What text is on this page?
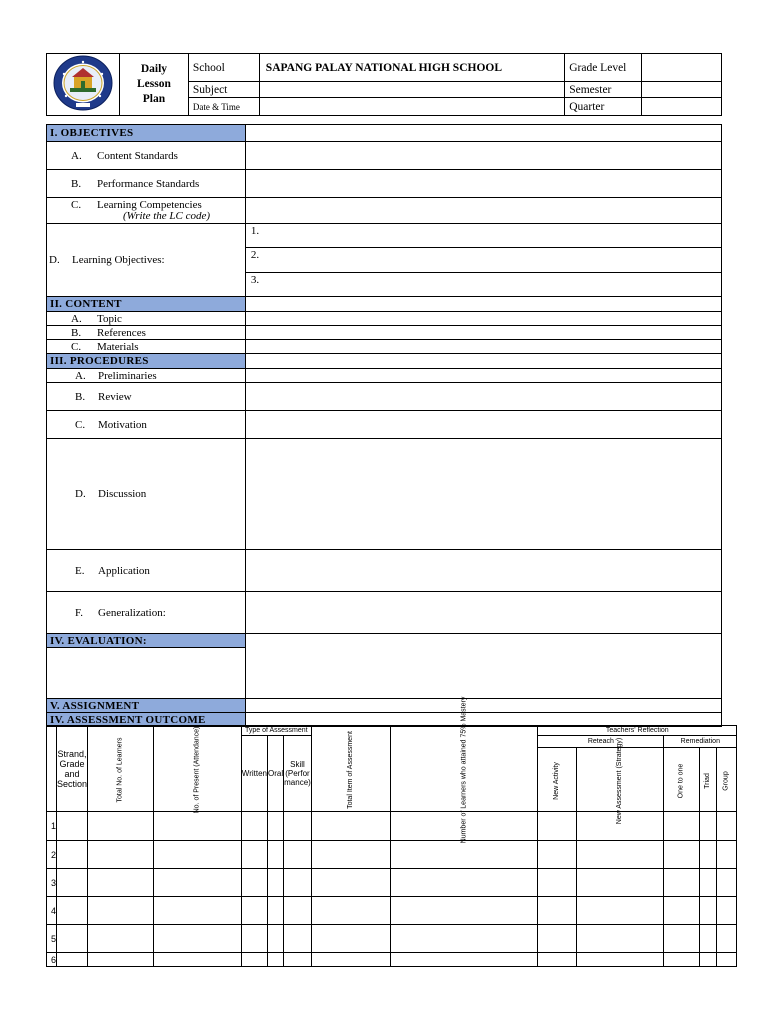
Daily
Lesson
Plan	School	SAPANG PALAY NATIONAL HIGH SCHOOL	Grade Level	
		Subject		Semester	
		Date & Time		Quarter	
I. OBJECTIVES	
A. Content Standards	
B. Performance Standards	
C. Learning Competencies
(Write the LC code)	

D. Learning Objectives:	1.
	2.
	3.
II. CONTENT	
A. Topic	
B. References	
C. Materials	
III. PROCEDURES	
A. Preliminaries	
B. Review	
C. Motivation	
D. Discussion	
E. Application	
F. Generalization:	
IV. EVALUATION:	

V. ASSIGNMENT	
IV. ASSESSMENT OUTCOME	
	Strand, Grade and Section	Total No. of Learners	No. of Present (Attendance)	Type of Assessment			Total Item of Assessment	Number of Learners who attained 75% Mastery	Teachers' Reflection				
				Written	Oral	Skill (Perfor mance)			Reteach		Remediation		
									New Activity	New Assessment (Strategy)	One to one	Triad	Group
1													
2													
3													
4													
5													
6													
